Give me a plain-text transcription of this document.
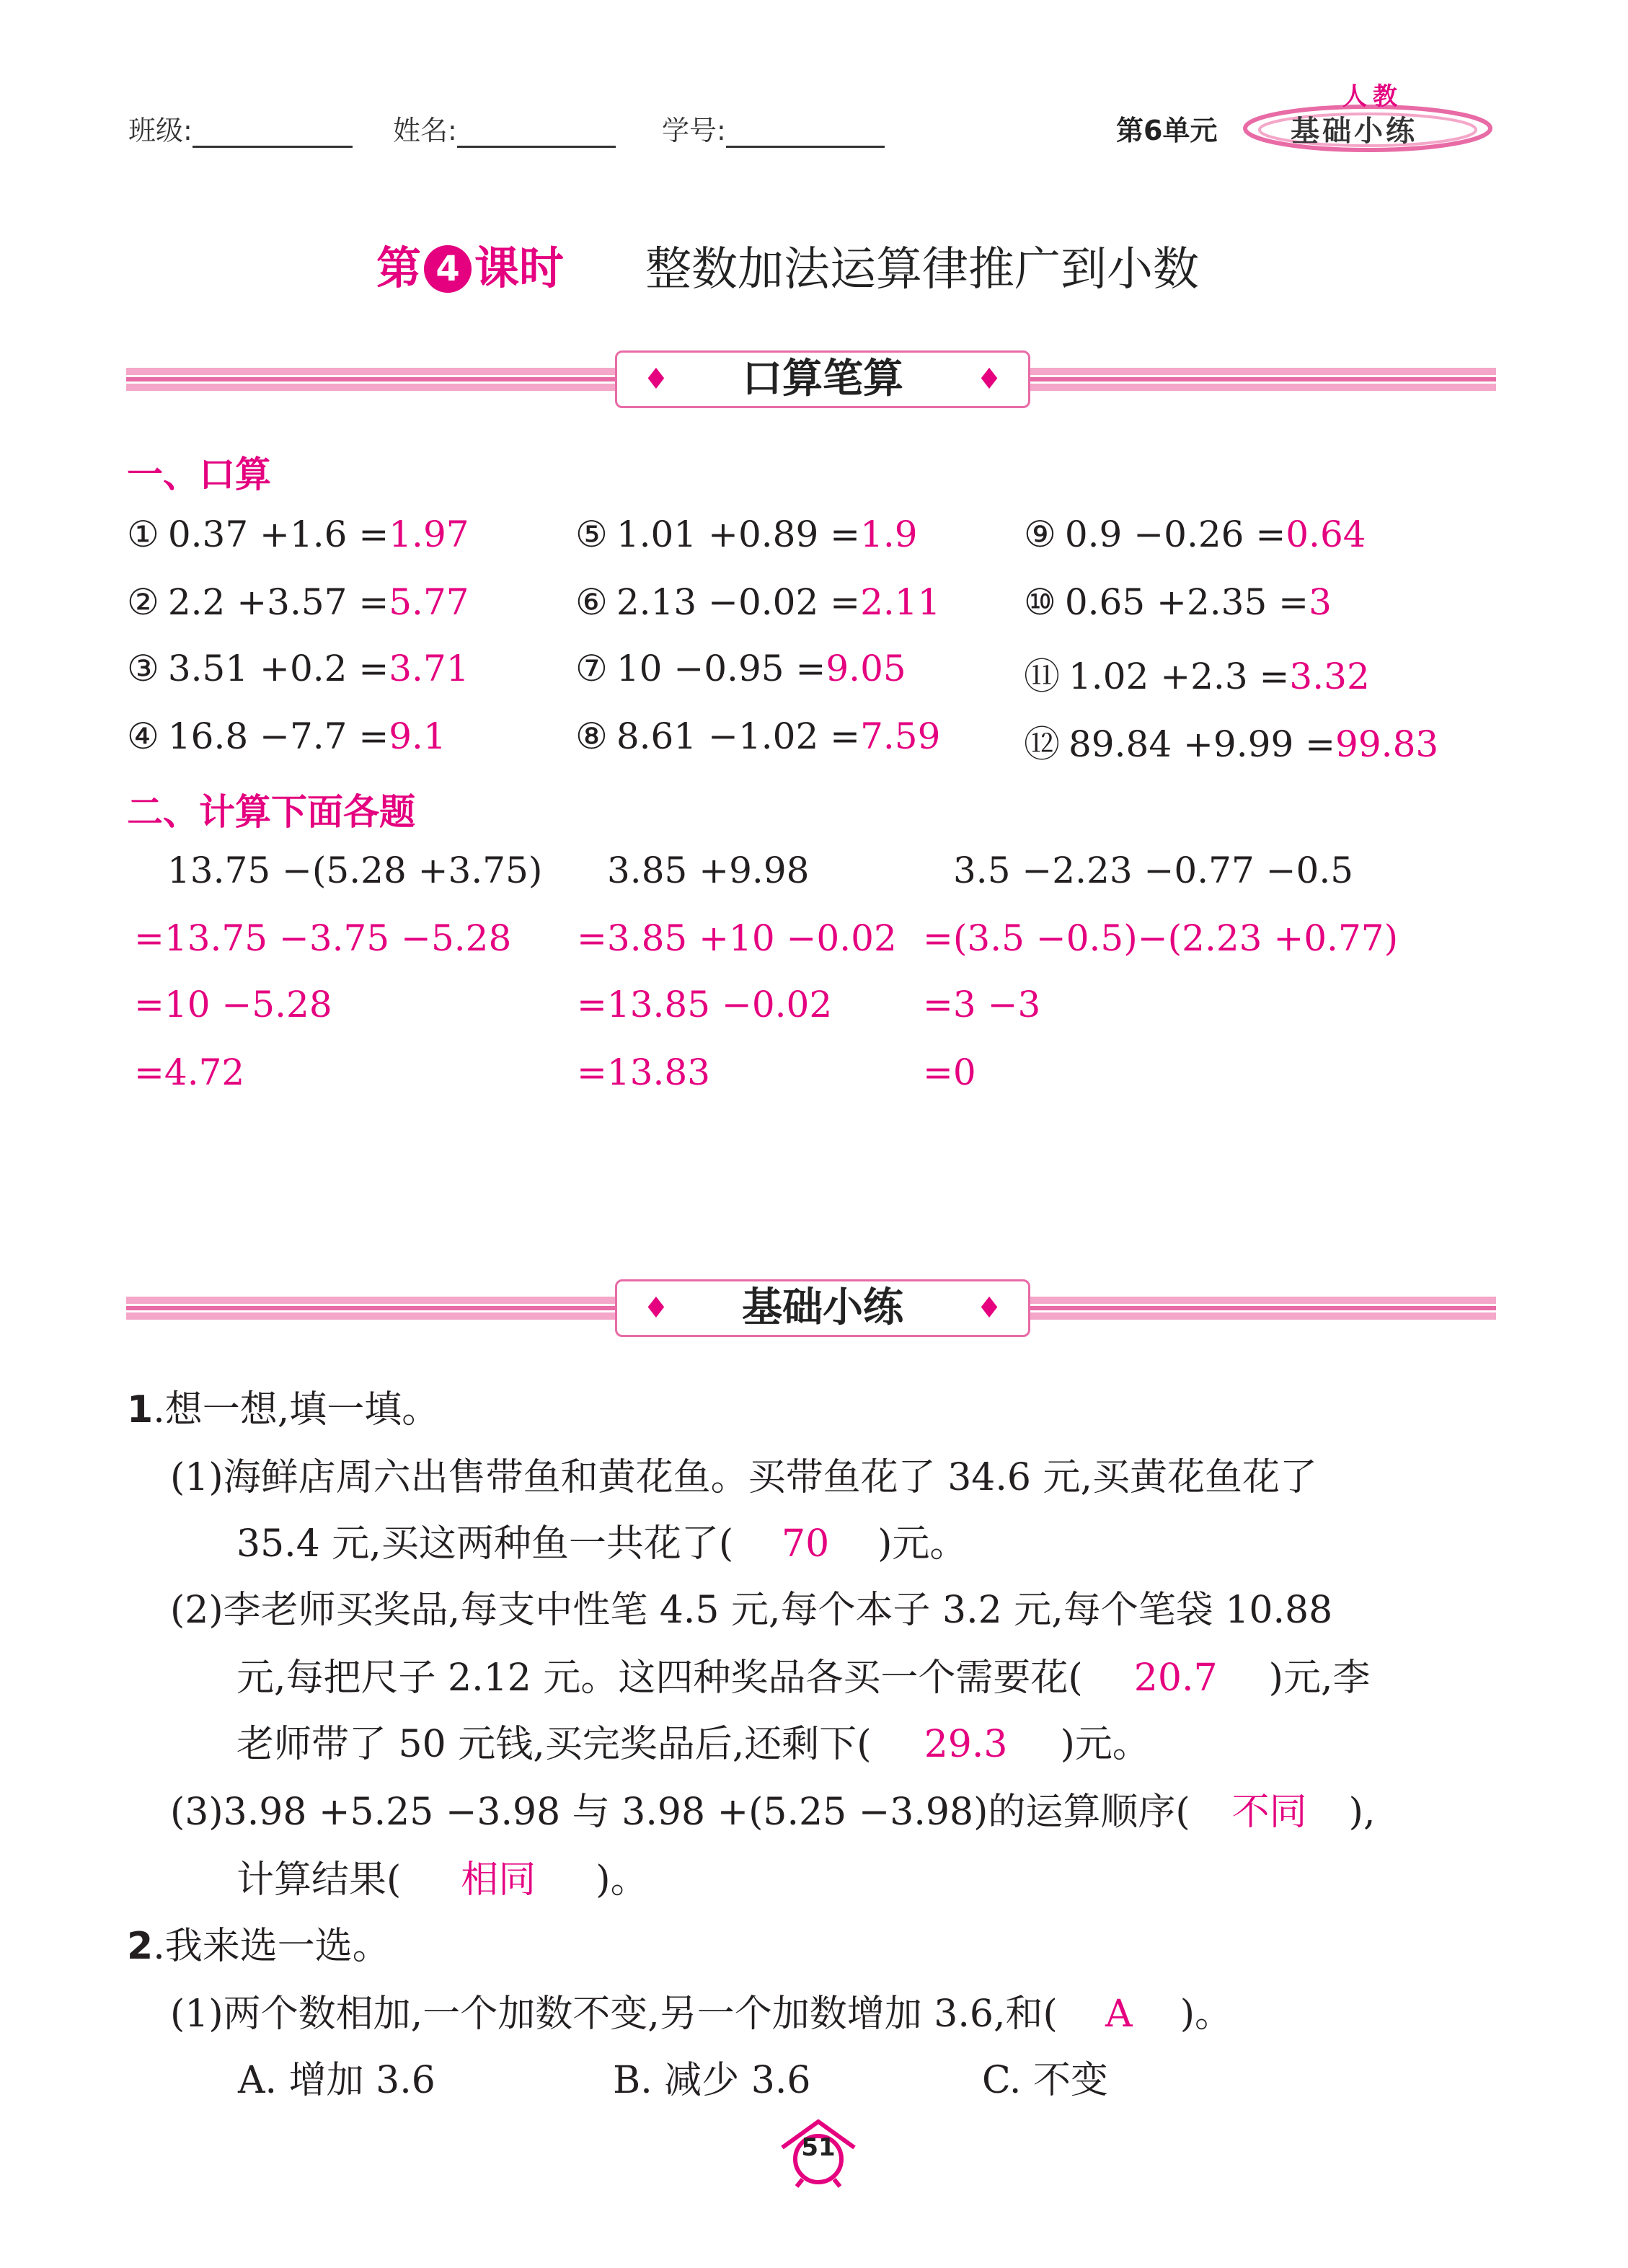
班级:	姓名:	学号:	第6单元
人教
基础小练
第 4 课时 整数加法运算律推广到小数
♦ 口算笔算	♦
一、口算
① 0.37 +1.6 =1.97	⑤ 1.01 +0.89 =1.9	⑨ 0.9 −0.26 =0.64
② 2.2 +3.57 =5.77	⑥ 2.13 −0.02 =2.11 ⑩ 0.65 +2.35 =3
③ 3.51 +0.2 =3.71	⑦ 10 −0.95 =9.05	⑪ 1.02 +2.3 =3.32
④ 16.8 −7.7 =9.1	⑧ 8.61 −1.02 =7.59 ⑫ 89.84 +9.99 =99.83
二、计算下面各题
13.75 −(5.28 +3.75)
=13.75 −3.75 −5.28
=10 −5.28
=4.72
3.85 +9.98
=3.85 +10 −0.02
=13.85 −0.02
=13.83
3.5 −2.23 −0.77 −0.5
=(3.5 −0.5)−(2.23 +0.77)
=3 −3
=0
♦ 基础小练	♦
1.想一想,填一填。
(1)海鲜店周六出售带鱼和黄花鱼。买带鱼花了 34.6 元,买黄花鱼花了
35.4 元,买这两种鱼一共花了( 70 )元。
(2)李老师买奖品,每支中性笔 4.5 元,每个本子 3.2 元,每个笔袋 10.88
元,每把尺子 2.12 元。这四种奖品各买一个需要花( 20.7 )元,李
老师带了 50 元钱,买完奖品后,还剩下( 29.3 )元。
(3)3.98 +5.25 −3.98 与 3.98 +(5.25 −3.98)的运算顺序( 不同 ),
计算结果( 相同 )。
2.我来选一选。
(1)两个数相加,一个加数不变,另一个加数增加 3.6,和( A )。
A. 增加 3.6	B. 减少 3.6	C. 不变
51
